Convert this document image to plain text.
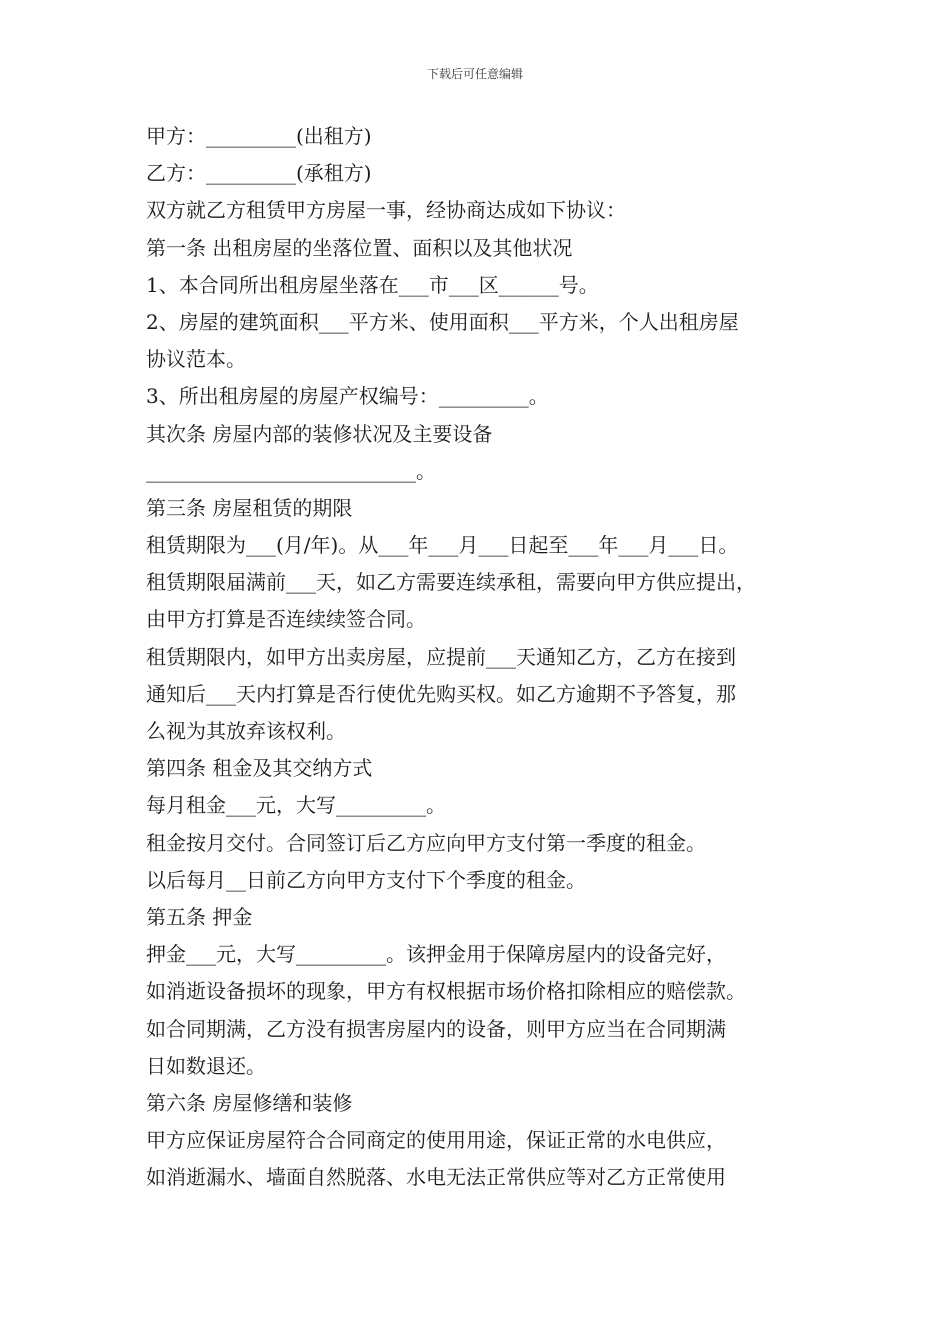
下载后可任意编辑
甲方：_________(出租方)
乙方：_________(承租方)
双方就乙方租赁甲方房屋一事，经协商达成如下协议：
第一条 出租房屋的坐落位置、面积以及其他状况
1、本合同所出租房屋坐落在___市___区______号。
2、房屋的建筑面积___平方米、使用面积___平方米，个人出租房屋
协议范本。
3、所出租房屋的房屋产权编号：_________。
其次条 房屋内部的装修状况及主要设备
___________________________。
第三条 房屋租赁的期限
租赁期限为___(月/年)。从___年___月___日起至___年___月___日。
租赁期限届满前___天，如乙方需要连续承租，需要向甲方供应提出，
由甲方打算是否连续续签合同。
租赁期限内，如甲方出卖房屋，应提前___天通知乙方，乙方在接到
通知后___天内打算是否行使优先购买权。如乙方逾期不予答复，那
么视为其放弃该权利。
第四条 租金及其交纳方式
每月租金___元，大写_________。
租金按月交付。合同签订后乙方应向甲方支付第一季度的租金。
以后每月__日前乙方向甲方支付下个季度的租金。
第五条 押金
押金___元，大写_________。该押金用于保障房屋内的设备完好，
如消逝设备损坏的现象，甲方有权根据市场价格扣除相应的赔偿款。
如合同期满，乙方没有损害房屋内的设备，则甲方应当在合同期满
日如数退还。
第六条 房屋修缮和装修
甲方应保证房屋符合合同商定的使用用途，保证正常的水电供应，
如消逝漏水、墙面自然脱落、水电无法正常供应等对乙方正常使用
